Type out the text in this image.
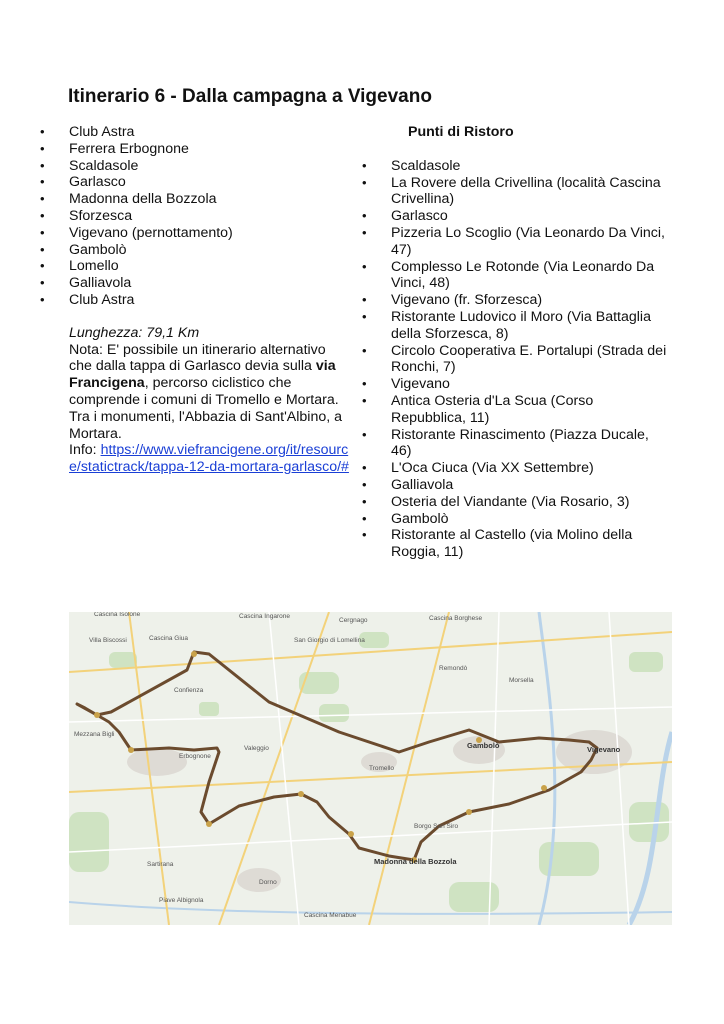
Itinerario 6 - Dalla campagna a Vigevano
• Club Astra
• Ferrera Erbognone
• Scaldasole
• Garlasco
• Madonna della Bozzola
• Sforzesca
• Vigevano (pernottamento)
• Gambolò
• Lomello
• Galliavola
• Club Astra
Lunghezza: 79,1 Km
Nota: E' possibile un itinerario alternativo che dalla tappa di Garlasco devia sulla via Francigena, percorso ciclistico che comprende i comuni di Tromello e Mortara. Tra i monumenti, l'Abbazia di Sant'Albino, a Mortara.
Info: https://www.viefrancigene.org/it/resource/statictrack/tappa-12-da-mortara-garlasco/#
Punti di Ristoro
• Scaldasole
• La Rovere della Crivellina (località Cascina Crivellina)
• Garlasco
• Pizzeria Lo Scoglio (Via Leonardo Da Vinci, 47)
• Complesso Le Rotonde (Via Leonardo Da Vinci, 48)
• Vigevano (fr. Sforzesca)
• Ristorante Ludovico il Moro (Via Battaglia della Sforzesca, 8)
• Circolo Cooperativa E. Portalupi (Strada dei Ronchi, 7)
• Vigevano
• Antica Osteria d'La Scua (Corso Repubblica, 11)
• Ristorante Rinascimento (Piazza Ducale, 46)
• L'Oca Ciuca (Via XX Settembre)
• Galliavola
• Osteria del Viandante (Via Rosario, 3)
• Gambolò
• Ristorante al Castello (via Molino della Roggia, 11)
Vigevano
Gambolò
Madonna della Bozzola
Erbognone
Sartirana
Cergnago
Valeggio
Dorno
Tromello
Borgo San Siro
Villa Biscossi
Mezzana Bigli
Cascina Giua
Confienza
Remondò
Morsella
San Giorgio di Lomellina
Cascina Borghese
Cascina Ingarone
Cascina Isolone
Piave Albignola
Cascina Menabue
